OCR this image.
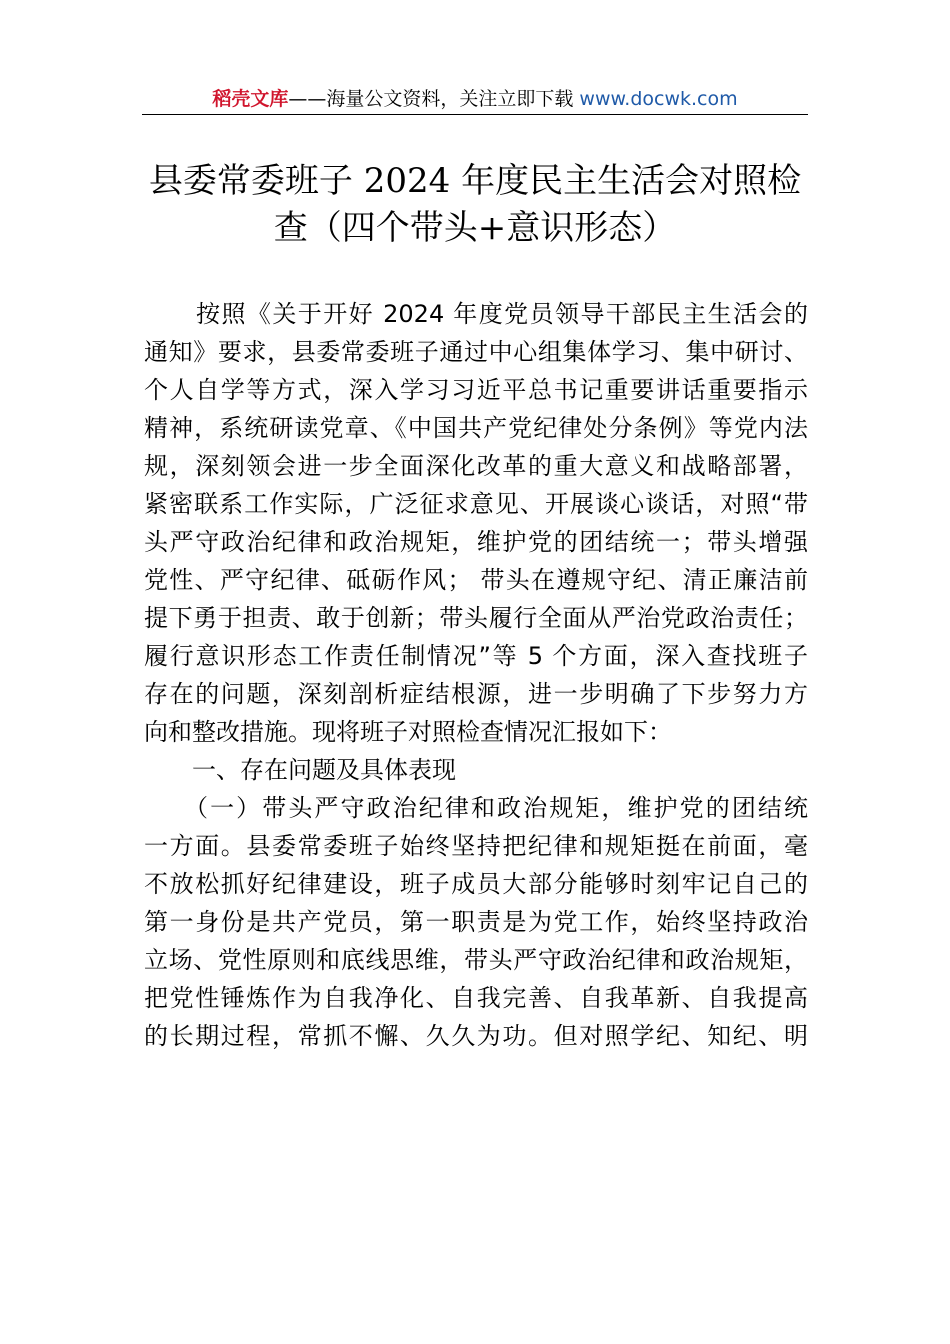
稻壳文库——海量公文资料，关注立即下载 www.docwk.com
县委常委班子 2024 年度民主生活会对照检
查（四个带头+意识形态）
按照《关于开好 2024 年度党员领导干部民主生活会的
通知》要求，县委常委班子通过中心组集体学习、集中研讨、
个人自学等方式，深入学习习近平总书记重要讲话重要指示
精神，系统研读党章、《中国共产党纪律处分条例》等党内法
规，深刻领会进一步全面深化改革的重大意义和战略部署，
紧密联系工作实际，广泛征求意见、开展谈心谈话，对照“带
头严守政治纪律和政治规矩，维护党的团结统一；带头增强
党性、严守纪律、砥砺作风； 带头在遵规守纪、清正廉洁前
提下勇于担责、敢于创新；带头履行全面从严治党政治责任；
履行意识形态工作责任制情况”等 5 个方面，深入查找班子
存在的问题，深刻剖析症结根源，进一步明确了下步努力方
向和整改措施。现将班子对照检查情况汇报如下：
一、存在问题及具体表现
（一）带头严守政治纪律和政治规矩，维护党的团结统
一方面。县委常委班子始终坚持把纪律和规矩挺在前面，毫
不放松抓好纪律建设，班子成员大部分能够时刻牢记自己的
第一身份是共产党员，第一职责是为党工作，始终坚持政治
立场、党性原则和底线思维，带头严守政治纪律和政治规矩，
把党性锤炼作为自我净化、自我完善、自我革新、自我提高
的长期过程，常抓不懈、久久为功。但对照学纪、知纪、明
